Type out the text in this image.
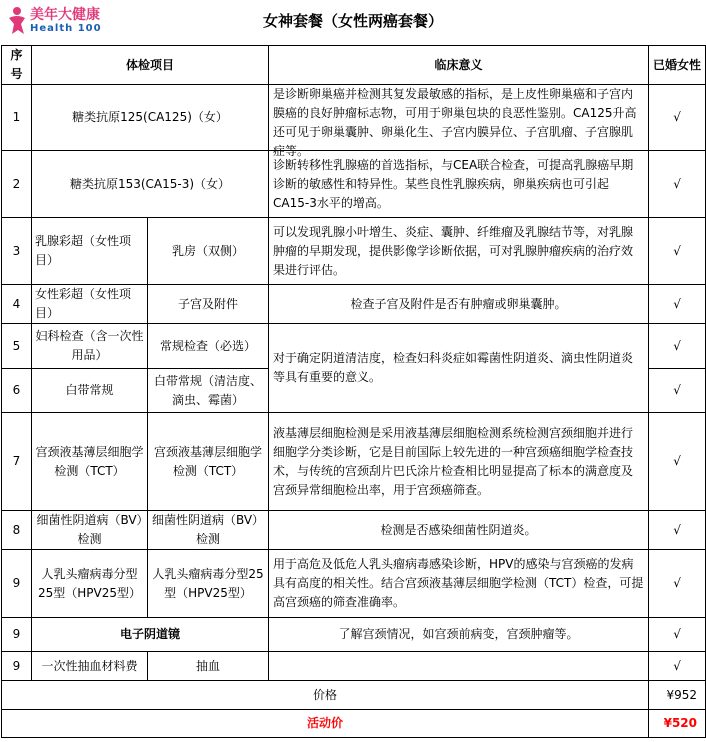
美年大健康
Health 100	女神套餐（女性两癌套餐）
序号	体检项目		临床意义	已婚女性
1	糖类抗原125(CA125)（女）		是诊断卵巢癌并检测其复发最敏感的指标，是上皮性卵巢癌和子宫内膜癌的良好肿瘤标志物，可用于卵巢包块的良恶性鉴别。CA125升高还可见于卵巢囊肿、卵巢化生、子宫内膜异位、子宫肌瘤、子宫腺肌症等。	√
2	糖类抗原153(CA15-3)（女）		诊断转移性乳腺癌的首选指标，与CEA联合检查，可提高乳腺癌早期诊断的敏感性和特异性。某些良性乳腺疾病，卵巢疾病也可引起CA15-3水平的增高。	√
3	乳腺彩超（女性项目）	乳房（双侧）	可以发现乳腺小叶增生、炎症、囊肿、纤维瘤及乳腺结节等，对乳腺肿瘤的早期发现，提供影像学诊断依据，可对乳腺肿瘤疾病的治疗效果进行评估。	√
4	女性彩超（女性项目）	子宫及附件	检查子宫及附件是否有肿瘤或卵巢囊肿。	√
5	妇科检查（含一次性用品）	常规检查（必选）	对于确定阴道清洁度，检查妇科炎症如霉菌性阴道炎、滴虫性阴道炎等具有重要的意义。	√
6	白带常规	白带常规（清洁度、滴虫、霉菌）		√
7	宫颈液基薄层细胞学检测（TCT）	宫颈液基薄层细胞学检测（TCT）	液基薄层细胞检测是采用液基薄层细胞检测系统检测宫颈细胞并进行细胞学分类诊断，它是目前国际上较先进的一种宫颈癌细胞学检查技术，与传统的宫颈刮片巴氏涂片检查相比明显提高了标本的满意度及宫颈异常细胞检出率，用于宫颈癌筛查。	√
8	细菌性阴道病（BV）检测	细菌性阴道病（BV）检测	检测是否感染细菌性阴道炎。	√
9	人乳头瘤病毒分型25型（HPV25型）	人乳头瘤病毒分型25型（HPV25型）	用于高危及低危人乳头瘤病毒感染诊断，HPV的感染与宫颈癌的发病具有高度的相关性。结合宫颈液基薄层细胞学检测（TCT）检查，可提高宫颈癌的筛查准确率。	√
9	电子阴道镜		了解宫颈情况，如宫颈前病变，宫颈肿瘤等。	√
9	一次性抽血材料费	抽血		√
价格				¥952
活动价				¥520
